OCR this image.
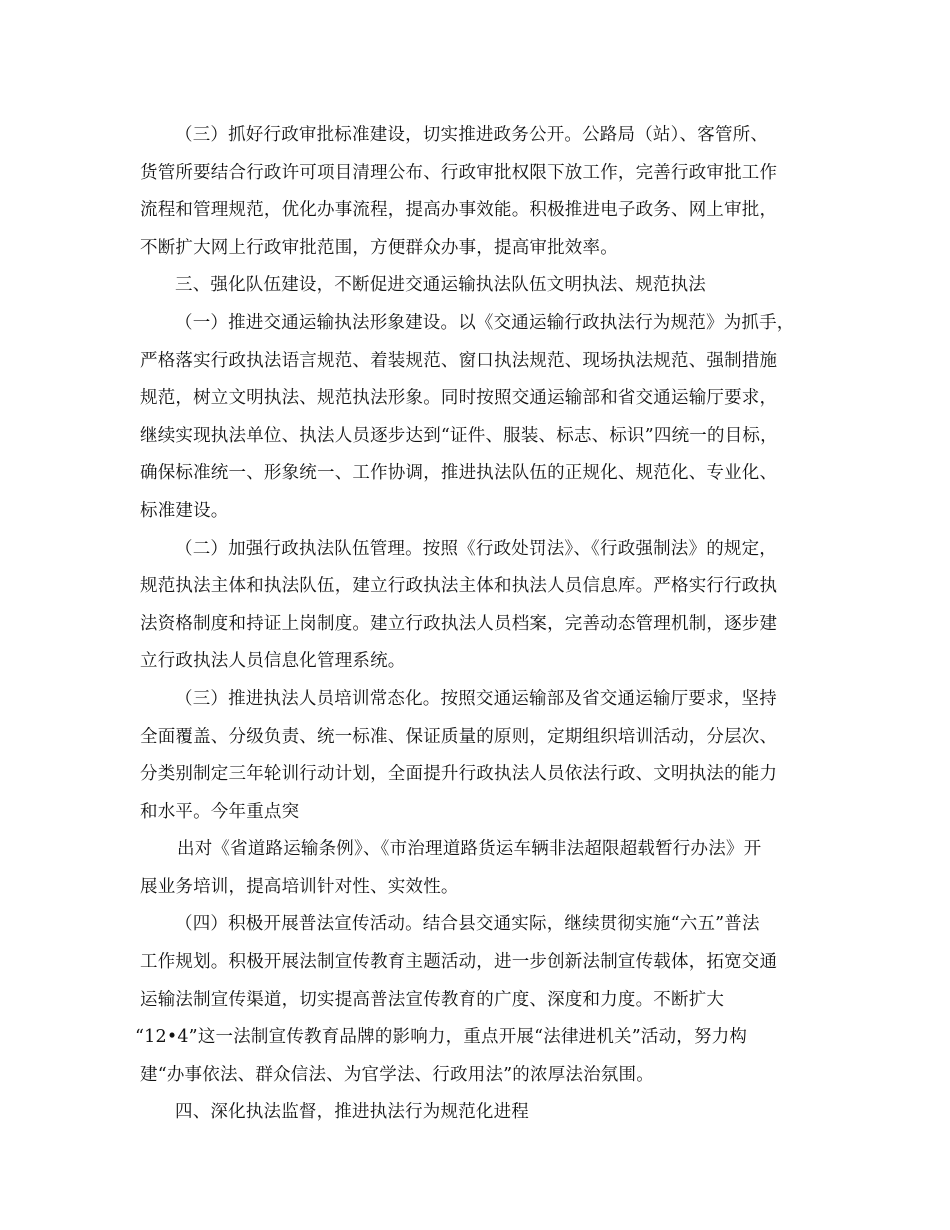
（三）抓好行政审批标准建设，切实推进政务公开。公路局（站）、客管所、
货管所要结合行政许可项目清理公布、行政审批权限下放工作，完善行政审批工作
流程和管理规范，优化办事流程，提高办事效能。积极推进电子政务、网上审批，
不断扩大网上行政审批范围，方便群众办事，提高审批效率。
三、强化队伍建设，不断促进交通运输执法队伍文明执法、规范执法
（一）推进交通运输执法形象建设。以《交通运输行政执法行为规范》为抓手，
严格落实行政执法语言规范、着装规范、窗口执法规范、现场执法规范、强制措施
规范，树立文明执法、规范执法形象。同时按照交通运输部和省交通运输厅要求，
继续实现执法单位、执法人员逐步达到“证件、服装、标志、标识”四统一的目标，
确保标准统一、形象统一、工作协调，推进执法队伍的正规化、规范化、专业化、
标准建设。
（二）加强行政执法队伍管理。按照《行政处罚法》、《行政强制法》的规定，
规范执法主体和执法队伍，建立行政执法主体和执法人员信息库。严格实行行政执
法资格制度和持证上岗制度。建立行政执法人员档案，完善动态管理机制，逐步建
立行政执法人员信息化管理系统。
（三）推进执法人员培训常态化。按照交通运输部及省交通运输厅要求，坚持
全面覆盖、分级负责、统一标准、保证质量的原则，定期组织培训活动，分层次、
分类别制定三年轮训行动计划，全面提升行政执法人员依法行政、文明执法的能力
和水平。今年重点突
出对《省道路运输条例》、《市治理道路货运车辆非法超限超载暂行办法》开
展业务培训，提高培训针对性、实效性。
（四）积极开展普法宣传活动。结合县交通实际，继续贯彻实施“六五”普法
工作规划。积极开展法制宣传教育主题活动，进一步创新法制宣传载体，拓宽交通
运输法制宣传渠道，切实提高普法宣传教育的广度、深度和力度。不断扩大
“12•4”这一法制宣传教育品牌的影响力，重点开展“法律进机关”活动，努力构
建“办事依法、群众信法、为官学法、行政用法”的浓厚法治氛围。
四、深化执法监督，推进执法行为规范化进程
